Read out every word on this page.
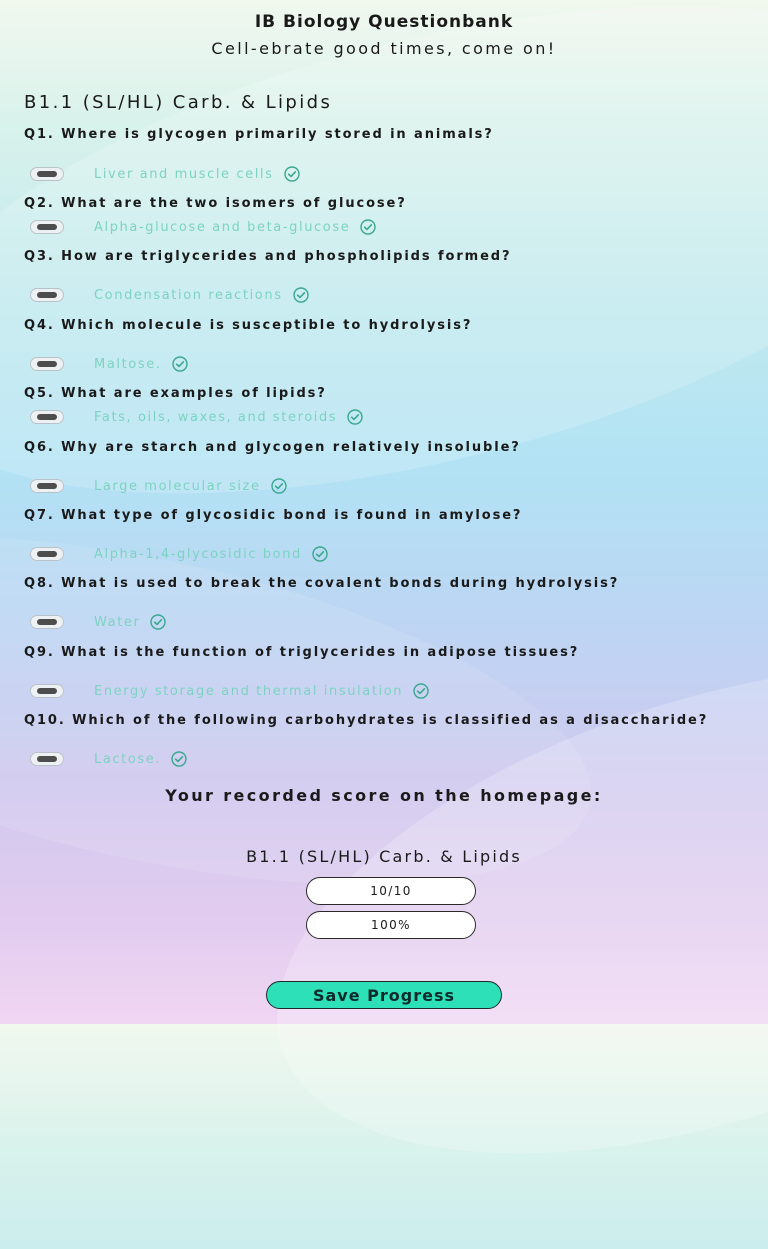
IB Biology Questionbank
Cell-ebrate good times, come on!
B1.1 (SL/HL) Carb. & Lipids
Q1. Where is glycogen primarily stored in animals?
Liver and muscle cells
Q2. What are the two isomers of glucose?
Alpha-glucose and beta-glucose
Q3. How are triglycerides and phospholipids formed?
Condensation reactions
Q4. Which molecule is susceptible to hydrolysis?
Maltose.
Q5. What are examples of lipids?
Fats, oils, waxes, and steroids
Q6. Why are starch and glycogen relatively insoluble?
Large molecular size
Q7. What type of glycosidic bond is found in amylose?
Alpha-1,4-glycosidic bond
Q8. What is used to break the covalent bonds during hydrolysis?
Water
Q9. What is the function of triglycerides in adipose tissues?
Energy storage and thermal insulation
Q10. Which of the following carbohydrates is classified as a disaccharide?
Lactose.
Your recorded score on the homepage:
B1.1 (SL/HL) Carb. & Lipids
10/10
100%
Save Progress
